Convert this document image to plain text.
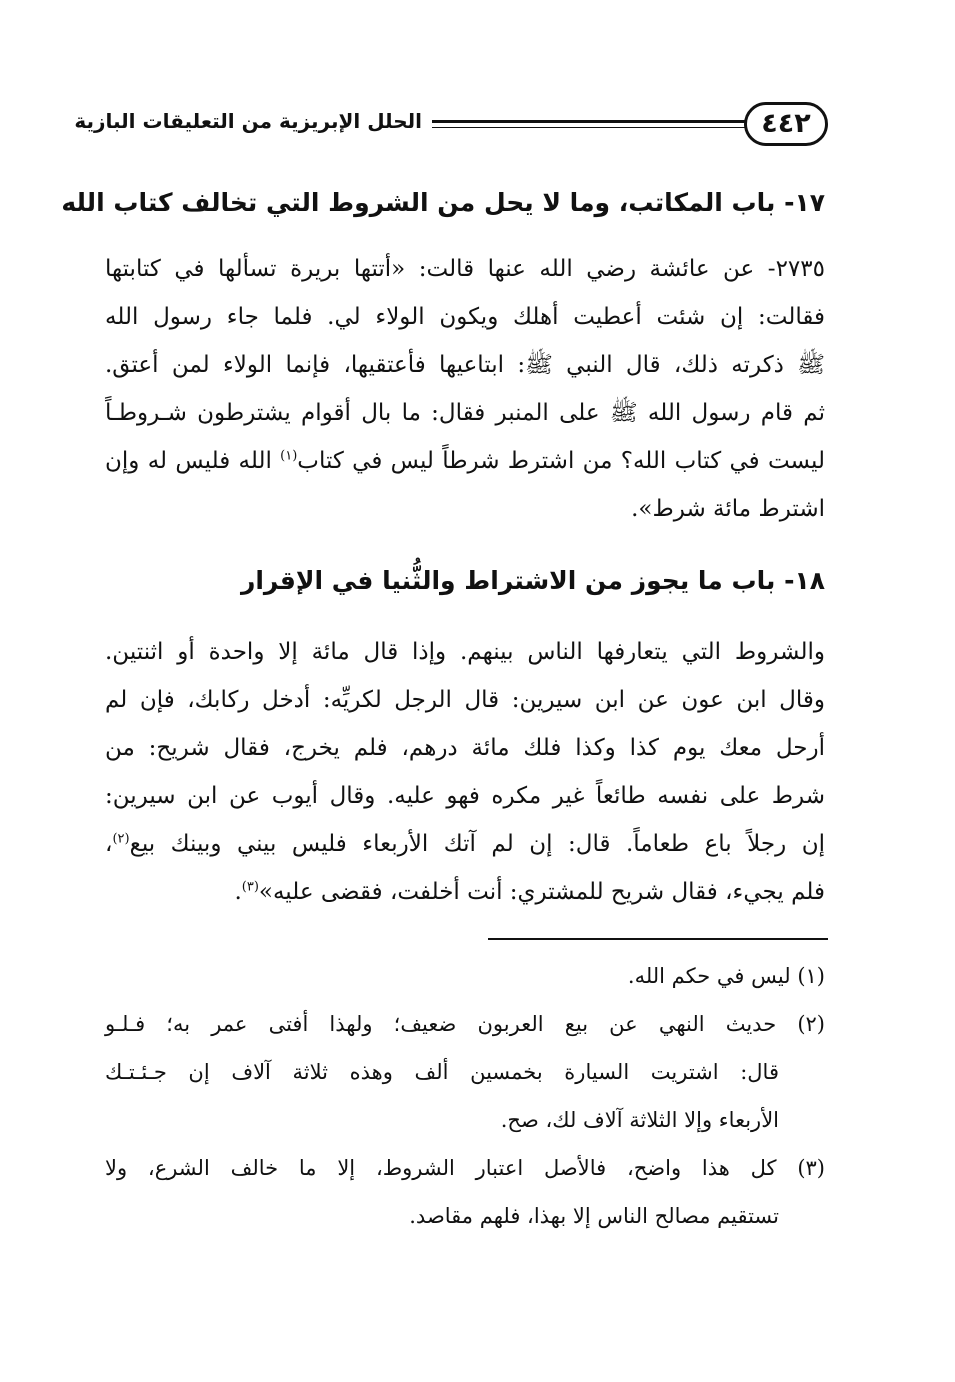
الحلل الإبريزية من التعليقات البازية	٤٤٢
١٧- باب المكاتب، وما لا يحل من الشروط التي تخالف كتاب الله
٢٧٣٥- عن عائشة رضي الله عنها قالت: «أتتها بريرة تسألها في كتابتها
فقالت: إن شئت أعطيت أهلك ويكون الولاء لي. فلما جاء رسول الله
ﷺ ذكرته ذلك، قال النبي ﷺ: ابتاعيها فأعتقيها، فإنما الولاء لمن أعتق.
ثم قام رسول الله ﷺ على المنبر فقال: ما بال أقوام يشترطون شـروطـاً
ليست في كتاب الله؟ من اشترط شرطاً ليس في كتاب$^{(١)}$ الله فليس له وإن
اشترط مائة شرط».
١٨- باب ما يجوز من الاشتراط والثُّنيا في الإقرار
والشروط التي يتعارفها الناس بينهم. وإذا قال مائة إلا واحدة أو اثنتين.
وقال ابن عون عن ابن سيرين: قال الرجل لكريِّه: أدخل ركابك، فإن لم
أرحل معك يوم كذا وكذا فلك مائة درهم، فلم يخرج، فقال شريح: من
شرط على نفسه طائعاً غير مكره فهو عليه. وقال أيوب عن ابن سيرين:
إن رجلاً باع طعاماً. قال: إن لم آتك الأربعاء فليس بيني وبينك بيع$^{(٢)}$،
فلم يجيء، فقال شريح للمشتري: أنت أخلفت، فقضى عليه»$^{(٣)}$.
(١) ليس في حكم الله.
(٢) حديث النهي عن بيع العربون ضعيف؛ ولهذا أفتى عمر به؛ فـلـو
قال: اشتريت السيارة بخمسين ألف وهذه ثلاثة آلاف إن جـئـتـك
الأربعاء وإلا الثلاثة آلاف لك، صح.
(٣) كل هذا واضح، فالأصل اعتبار الشروط، إلا ما خالف الشرع، ولا
تستقيم مصالح الناس إلا بهذا، فلهم مقاصد.
